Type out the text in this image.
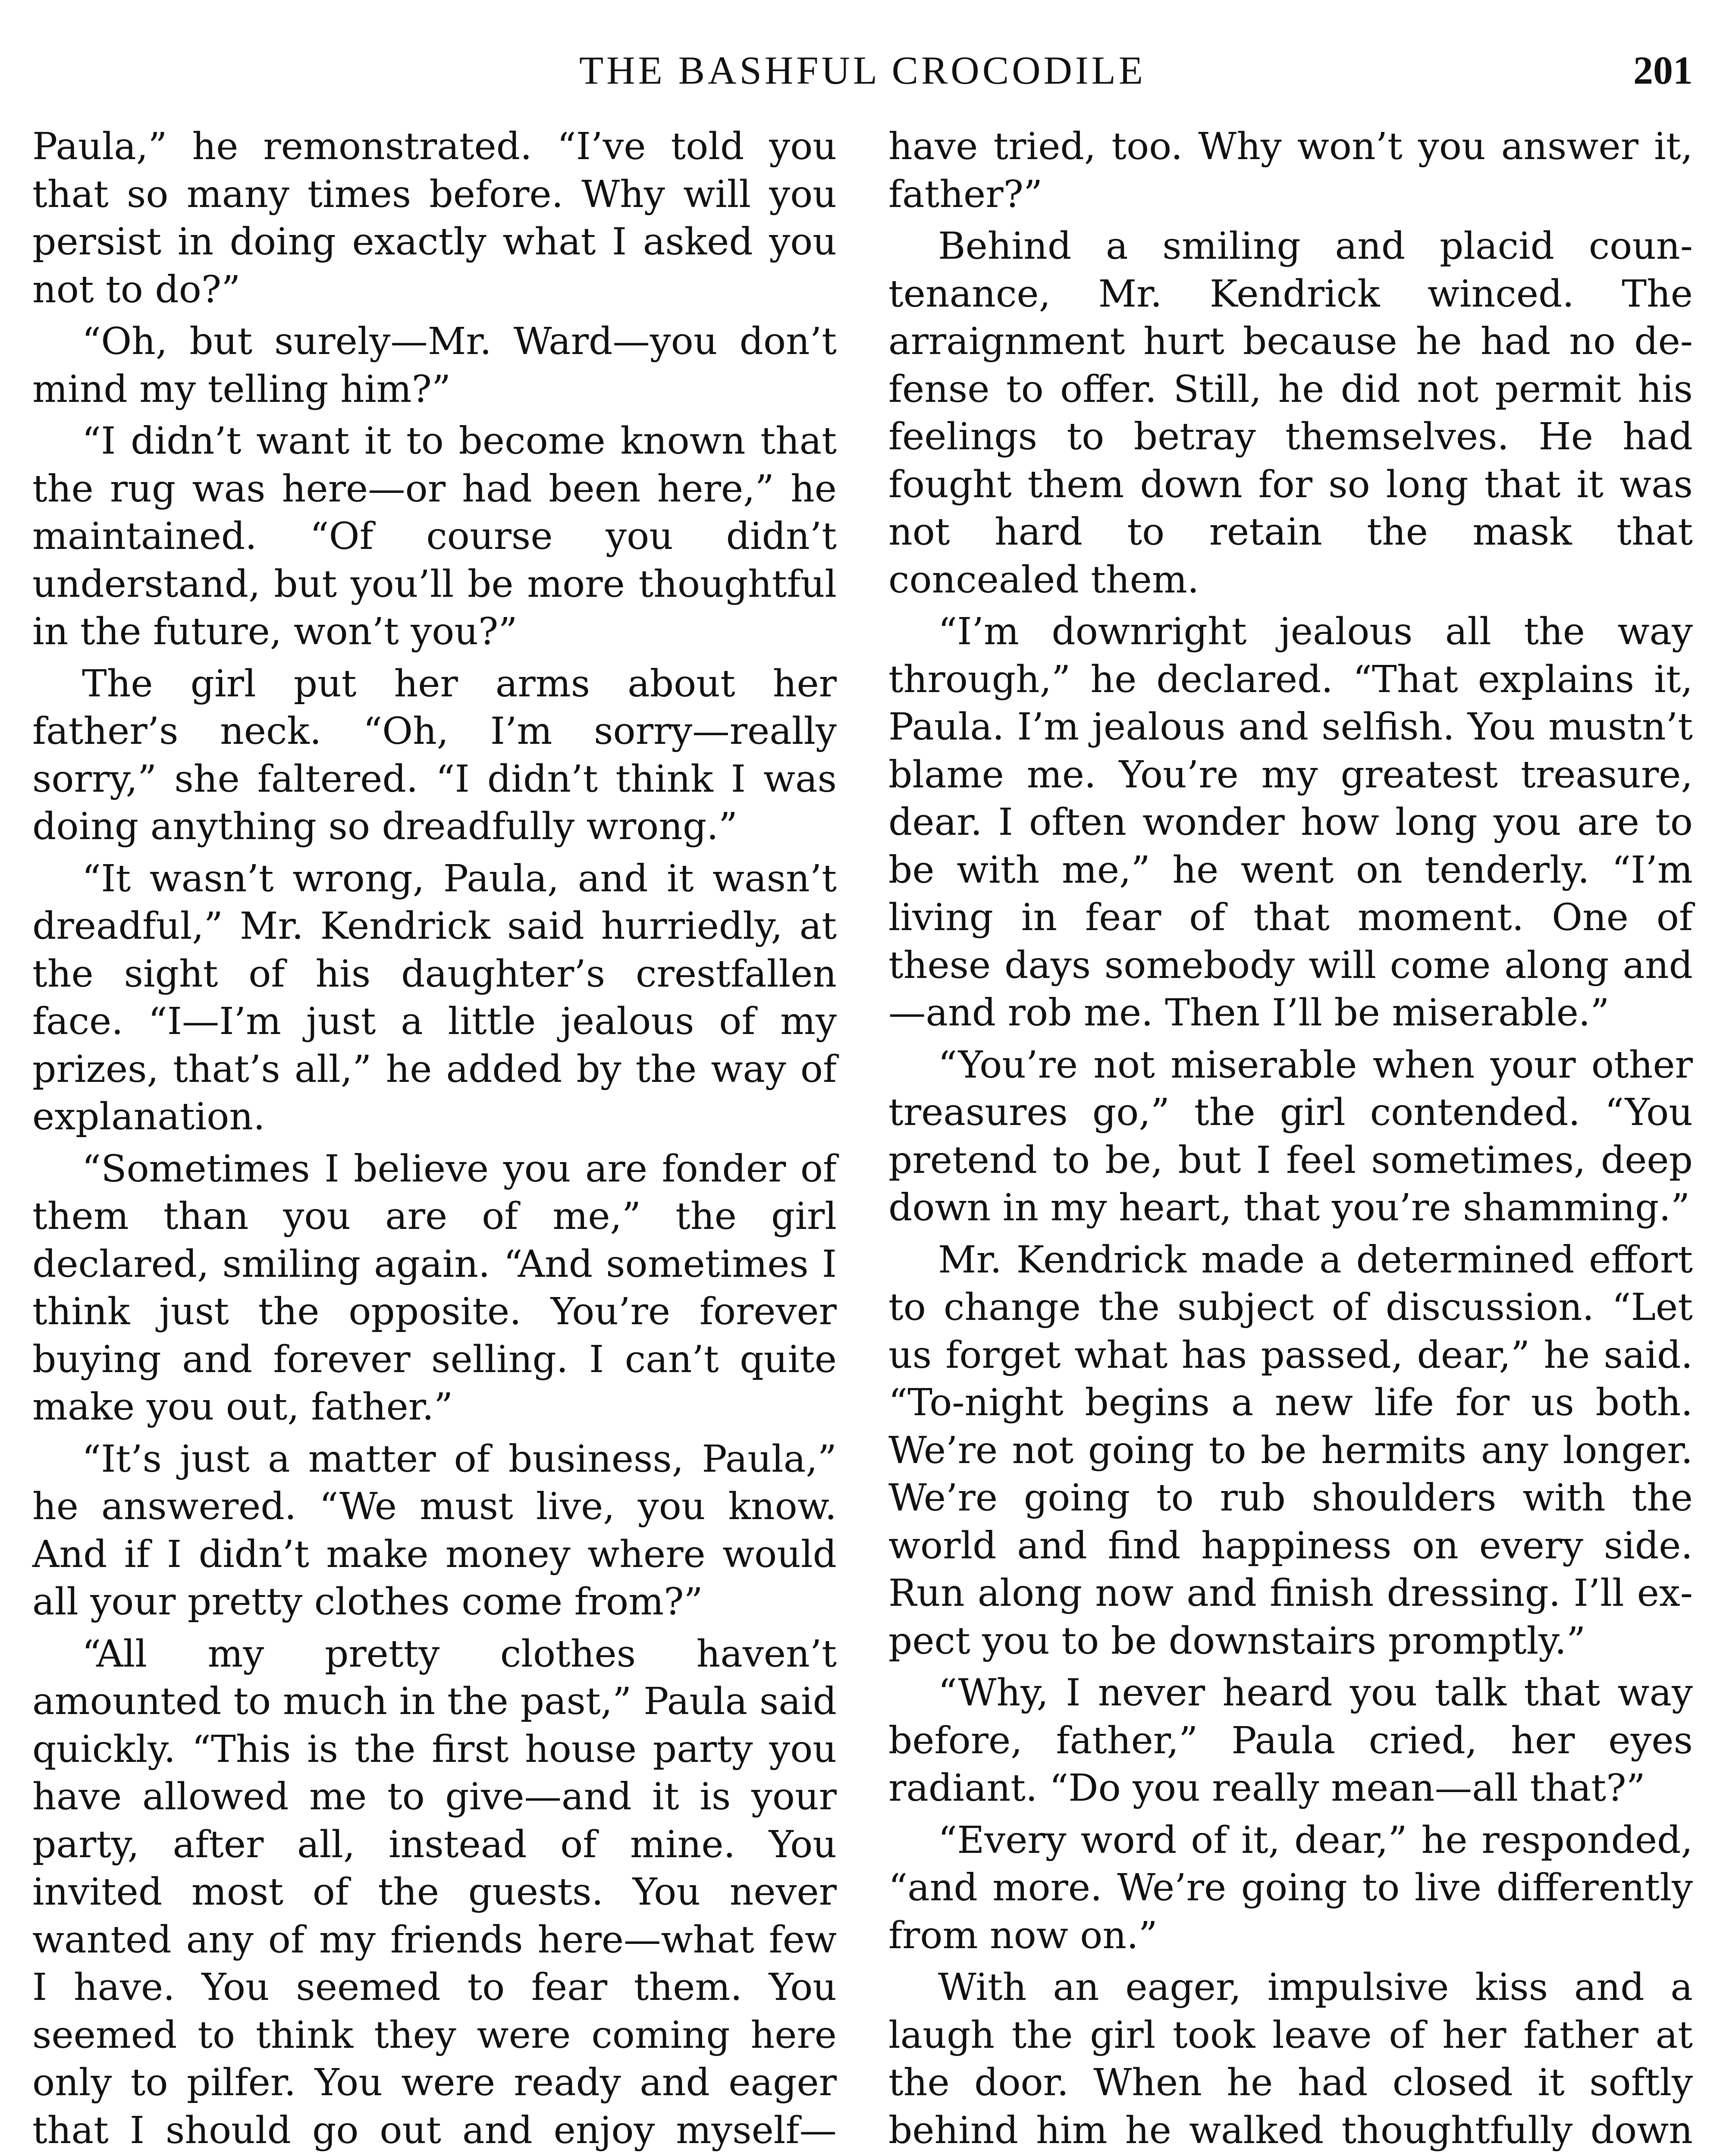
THE BASHFUL CROCODILE	201

Paula,” he remonstrated. “I’ve told you that so many times before. Why will you persist in doing exactly what I asked you not to do?”

“Oh, but surely—Mr. Ward—you don’t mind my telling him?”

“I didn’t want it to become known that the rug was here—or had been here,” he maintained. “Of course you didn’t understand, but you’ll be more thoughtful in the future, won’t you?”

The girl put her arms about her father’s neck. “Oh, I’m sorry—really sorry,” she faltered. “I didn’t think I was doing anything so dreadfully wrong.”

“It wasn’t wrong, Paula, and it wasn’t dreadful,” Mr. Kendrick said hurriedly, at the sight of his daughter’s crestfallen face. “I—I’m just a little jealous of my prizes, that’s all,” he added by the way of explanation.

“Sometimes I believe you are fonder of them than you are of me,” the girl declared, smiling again. “And sometimes I think just the opposite. You’re forever buying and forever selling. I can’t quite make you out, father.”

“It’s just a matter of business, Paula,” he answered. “We must live, you know. And if I didn’t make money where would all your pretty clothes come from?”

“All my pretty clothes haven’t amounted to much in the past,” Paula said quickly. “This is the first house party you have allowed me to give—and it is your party, after all, instead of mine. You invited most of the guests. You never wanted any of my friends here—what few I have. You seemed to fear them. You seemed to think they were coming here only to pilfer. You were ready and eager that I should go out and enjoy myself—

have tried, too. Why won’t you answer it, father?”

Behind a smiling and placid countenance, Mr. Kendrick winced. The arraignment hurt because he had no defense to offer. Still, he did not permit his feelings to betray themselves. He had fought them down for so long that it was not hard to retain the mask that concealed them.

“I’m downright jealous all the way through,” he declared. “That explains it, Paula. I’m jealous and selfish. You mustn’t blame me. You’re my greatest treasure, dear. I often wonder how long you are to be with me,” he went on tenderly. “I’m living in fear of that moment. One of these days somebody will come along and—and rob me. Then I’ll be miserable.”

“You’re not miserable when your other treasures go,” the girl contended. “You pretend to be, but I feel sometimes, deep down in my heart, that you’re shamming.”

Mr. Kendrick made a determined effort to change the subject of discussion. “Let us forget what has passed, dear,” he said. “To-night begins a new life for us both. We’re not going to be hermits any longer. We’re going to rub shoulders with the world and find happiness on every side. Run along now and finish dressing. I’ll expect you to be downstairs promptly.”

“Why, I never heard you talk that way before, father,” Paula cried, her eyes radiant. “Do you really mean—all that?”

“Every word of it, dear,” he responded, “and more. We’re going to live differently from now on.”

With an eager, impulsive kiss and a laugh the girl took leave of her father at the door. When he had closed it softly behind him he walked thoughtfully down
